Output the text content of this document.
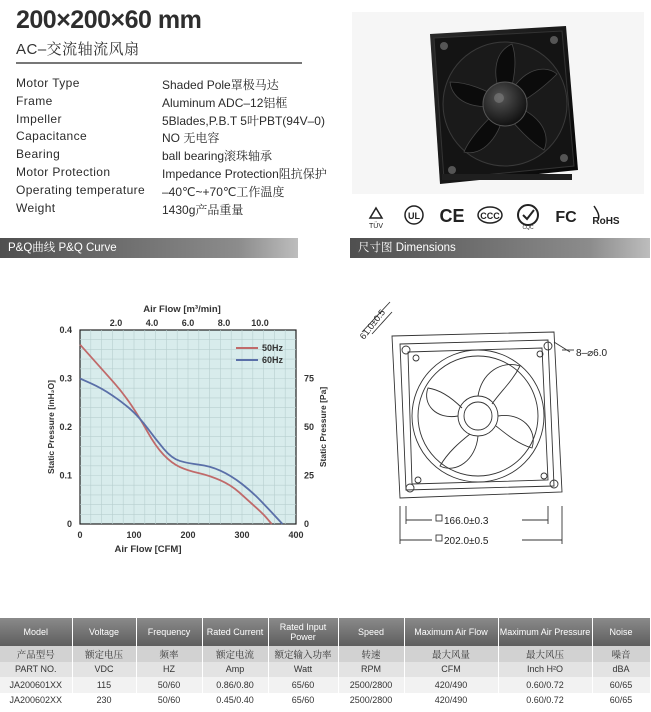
200×200×60 mm
AC–交流轴流风扇
Motor Type	Shaded Pole罩极马达
Frame	Aluminum ADC–12铝框
Impeller	5Blades,P.B.T 5叶PBT(94V–0)
Capacitance	NO 无电容
Bearing	ball bearing滚珠轴承
Motor Protection	Impedance Protection阻抗保护
Operating temperature –40℃~+70℃工作温度
Weight	1430g产品重量
TÜV
UL CE CCC
CQC
FC RoHS
P&Q曲线 P&Q Curve	尺寸图 Dimensions
0	100	200	300	400
2.0	4.0	6.0	8.0 10.0
0
0.1
0.2
0.3
0.4
0
25
50
75
50Hz
60Hz
Air Flow [CFM]
Air Flow [m³/min]
Static Pressure [inH₂O]	Static Pressure [Pa]
61.0±0.5
8–⌀6.0
166.0±0.3
202.0±0.5
Model	Voltage	Frequency	Rated Current	Rated Input Power	Speed	Maximum Air Flow	Maximum Air Pressure	Noise
产品型号	额定电压	频率	额定电流	额定输入功率	转速	最大风量	最大风压	噪音
PART NO.	VDC	HZ	Amp	Watt	RPM	CFM	Inch H²O	dBA
JA200601XX	115	50/60	0.86/0.80	65/60	2500/2800	420/490	0.60/0.72	60/65
JA200602XX	230	50/60	0.45/0.40	65/60	2500/2800	420/490	0.60/0.72	60/65
